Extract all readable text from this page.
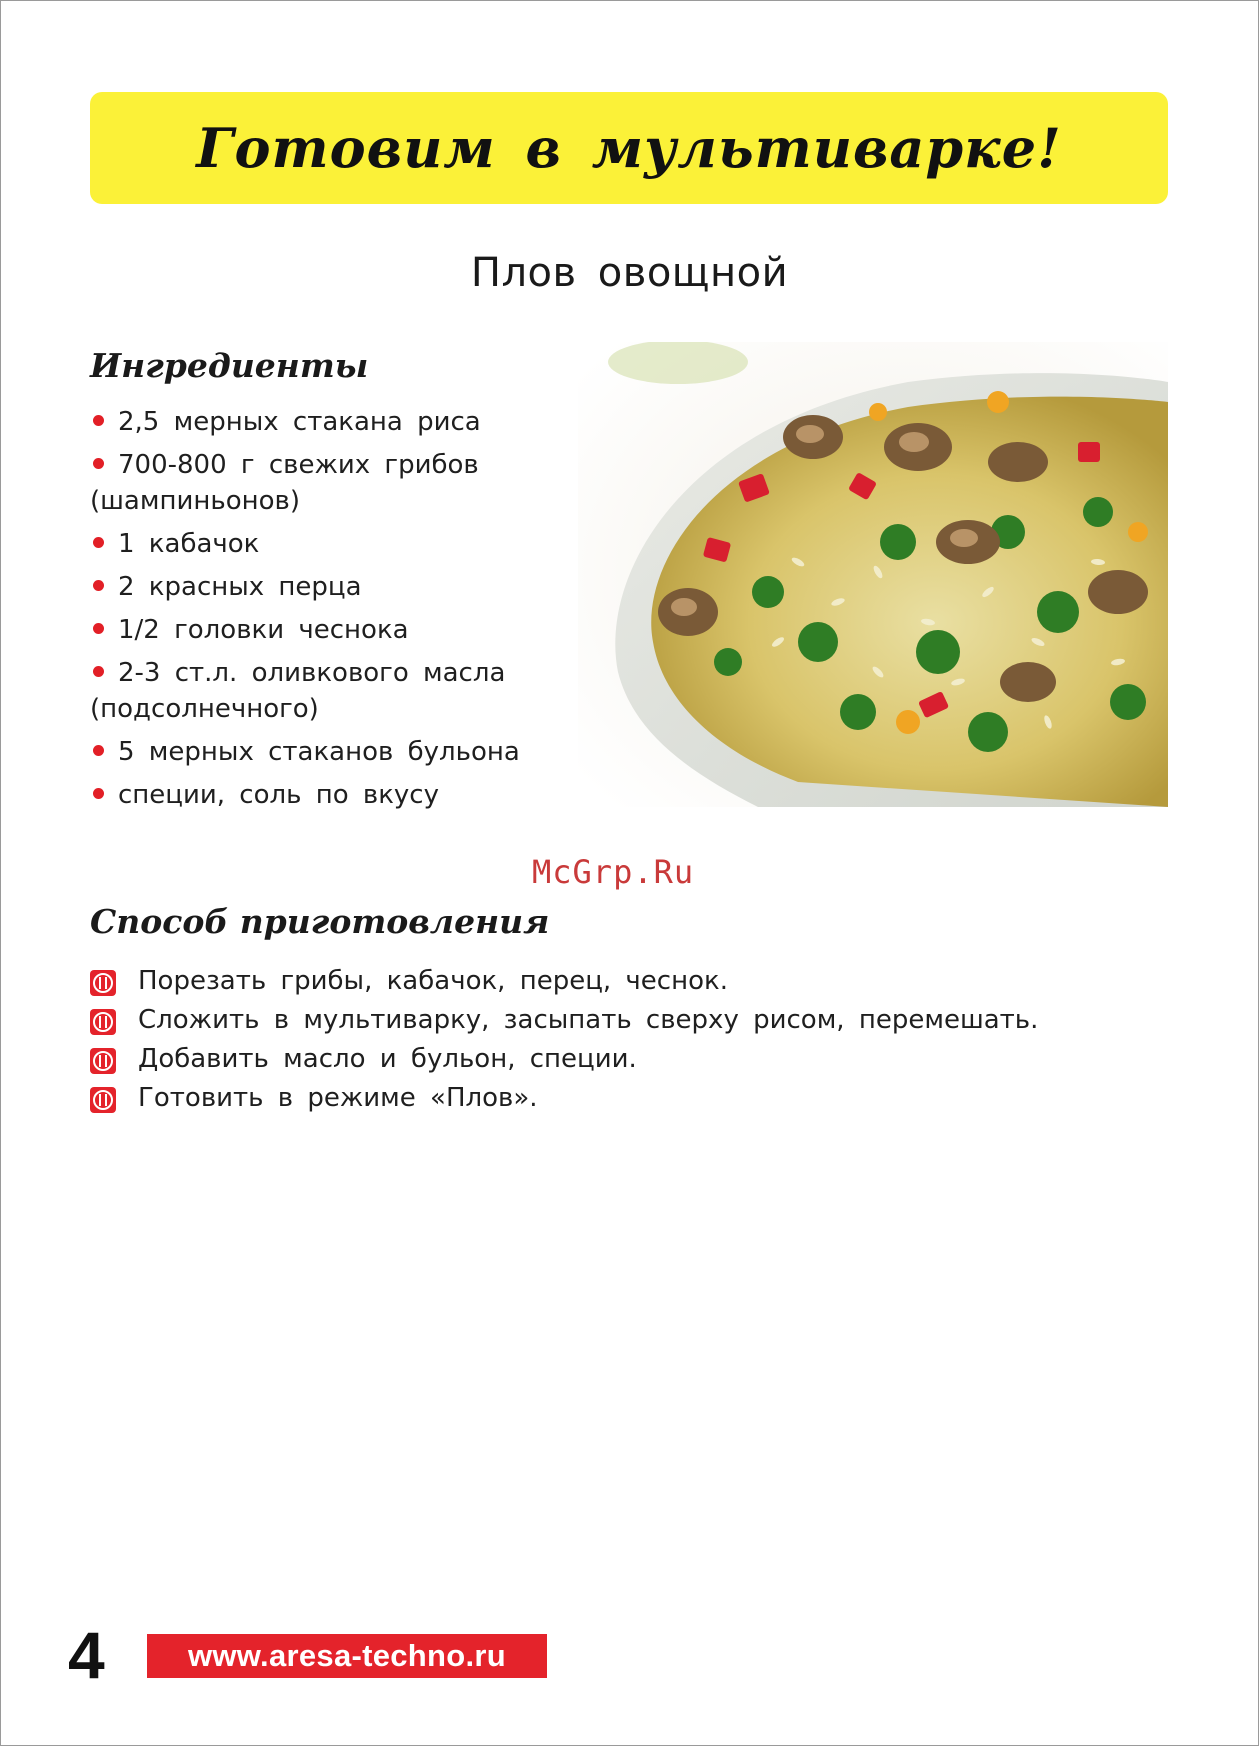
Готовим в мультиварке!
Плов овощной
Ингредиенты
2,5 мерных стакана риса
700-800 г свежих грибов (шампиньонов)
1 кабачок
2 красных перца
1/2 головки чеснока
2-3 ст.л. оливкового масла (подсолнечного)
5 мерных стаканов бульона
специи, соль по вкусу
McGrp.Ru
Способ приготовления
Порезать грибы, кабачок, перец, чеснок.
Сложить в мультиварку, засыпать сверху рисом, перемешать.
Добавить масло и бульон, специи.
Готовить в режиме «Плов».
4	www.aresa-techno.ru
